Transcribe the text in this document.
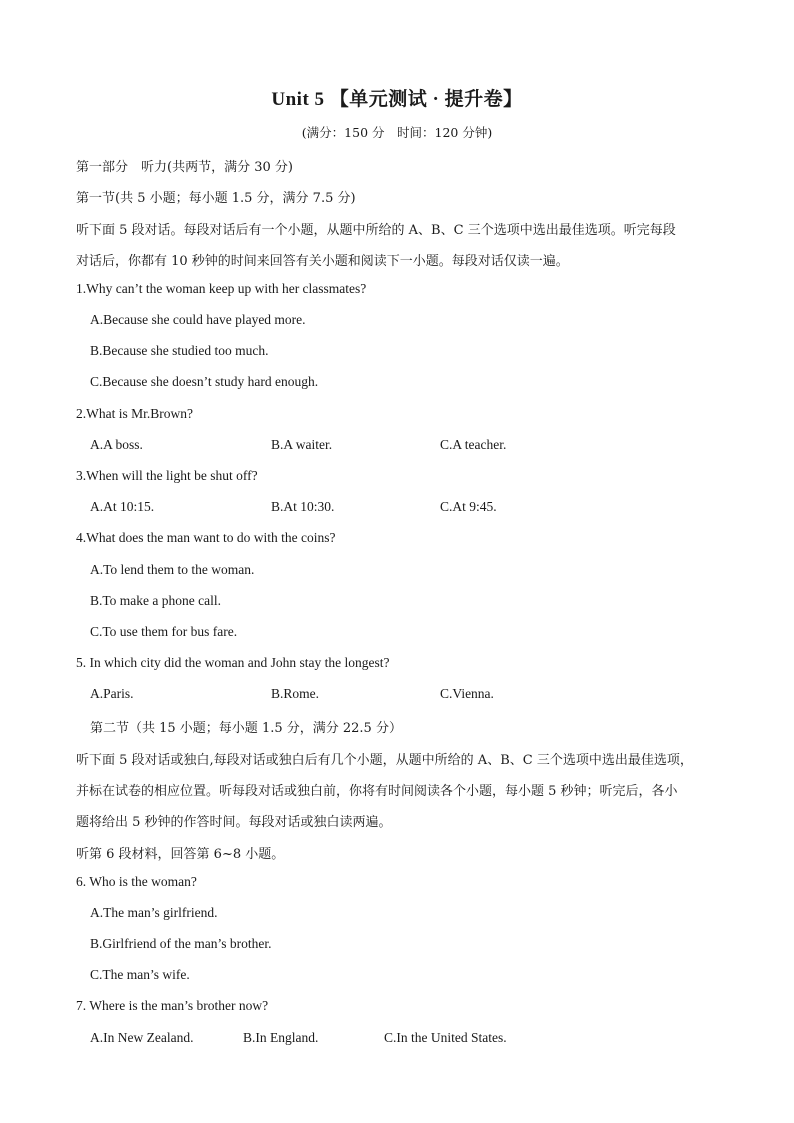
Unit 5 【单元测试 · 提升卷】
(满分：150 分　时间：120 分钟)
第一部分　听力(共两节，满分 30 分)
第一节(共 5 小题；每小题 1.5 分，满分 7.5 分)
听下面 5 段对话。每段对话后有一个小题，从题中所给的 A、B、C 三个选项中选出最佳选项。听完每段
对话后，你都有 10 秒钟的时间来回答有关小题和阅读下一小题。每段对话仅读一遍。
1.Why can’t the woman keep up with her classmates?
A.Because she could have played more.
B.Because she studied too much.
C.Because she doesn’t study hard enough.
2.What is Mr.Brown?
A.A boss.	B.A waiter.	C.A teacher.
3.When will the light be shut off?
A.At 10:15.	B.At 10:30.	C.At 9:45.
4.What does the man want to do with the coins?
A.To lend them to the woman.
B.To make a phone call.
C.To use them for bus fare.
5. In which city did the woman and John stay the longest?
A.Paris.	B.Rome.	C.Vienna.
第二节（共 15 小题；每小题 1.5 分，满分 22.5 分）
听下面 5 段对话或独白,每段对话或独白后有几个小题，从题中所给的 A、B、C 三个选项中选出最佳选项，
并标在试卷的相应位置。听每段对话或独白前，你将有时间阅读各个小题，每小题 5 秒钟；听完后，各小
题将给出 5 秒钟的作答时间。每段对话或独白读两遍。
听第 6 段材料，回答第 6~8 小题。
6. Who is the woman?
A.The man’s girlfriend.
B.Girlfriend of the man’s brother.
C.The man’s wife.
7. Where is the man’s brother now?
A.In New Zealand.	B.In England.	C.In the United States.
